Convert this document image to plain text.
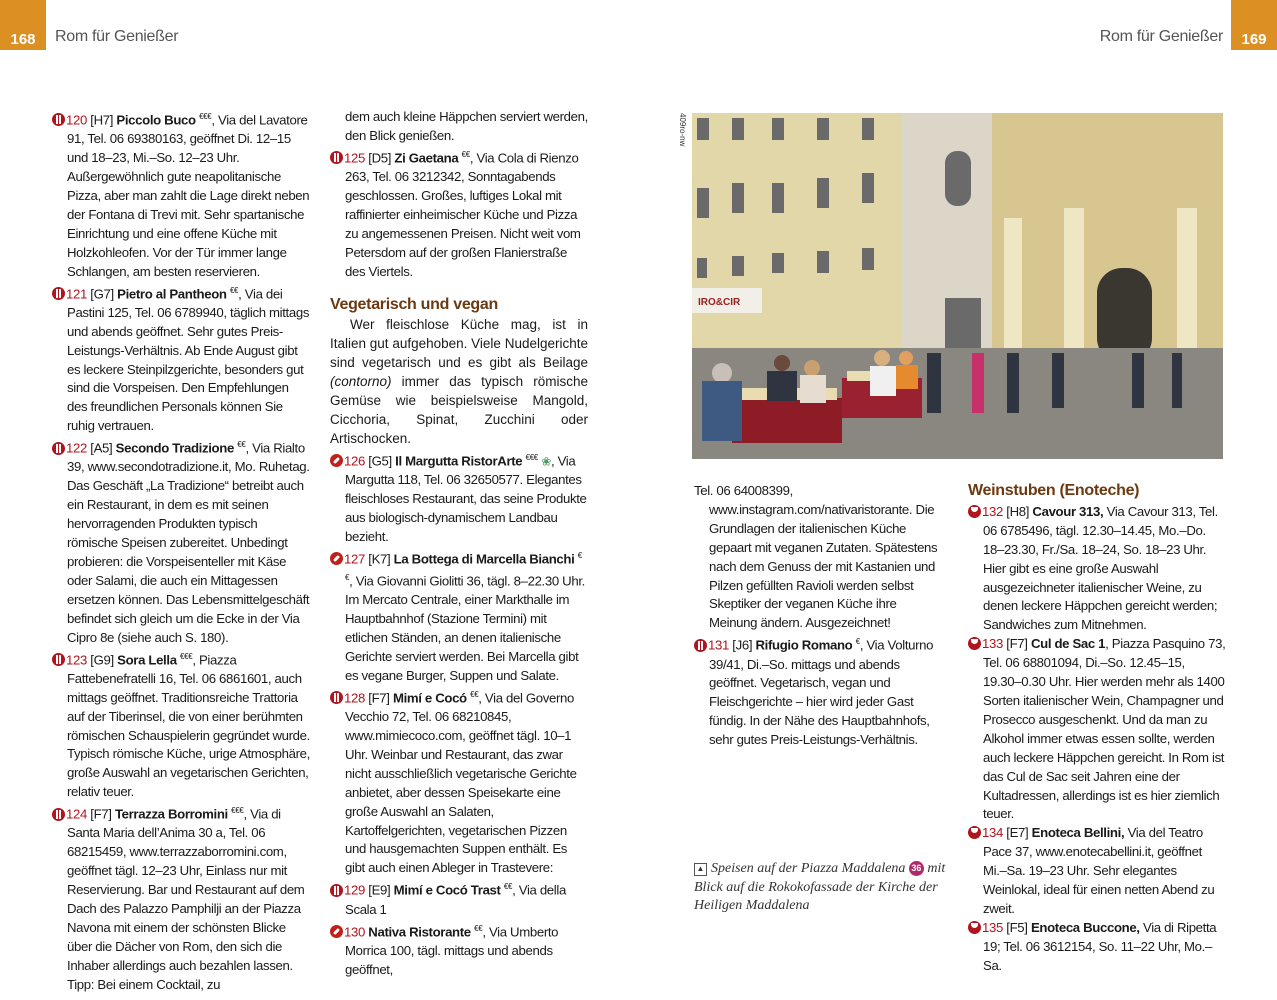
168 Rom für Genießer	Rom für Genießer 169

120 [H7] Piccolo Buco €€€, Via del Lavatore 91, Tel. 06 69380163, geöffnet Di. 12–15 und 18–23, Mi.–So. 12–23 Uhr. Außergewöhnlich gute neapolitanische Pizza, aber man zahlt die Lage direkt neben der Fontana di Trevi mit. Sehr spartanische Einrichtung und eine offene Küche mit Holzkohleofen. Vor der Tür immer lange Schlangen, am besten reservieren.

121 [G7] Pietro al Pantheon €€, Via dei Pastini 125, Tel. 06 6789940, täglich mittags und abends geöffnet. Sehr gutes Preis-Leistungs-Verhältnis. Ab Ende August gibt es leckere Steinpilzgerichte, besonders gut sind die Vorspeisen. Den Empfehlungen des freundlichen Personals können Sie ruhig vertrauen.

122 [A5] Secondo Tradizione €€, Via Rialto 39, www.secondotradizione.it, Mo. Ruhetag. Das Geschäft „La Tradizione“ betreibt auch ein Restaurant, in dem es mit seinen hervorragenden Produkten typisch römische Speisen zubereitet. Unbedingt probieren: die Vorspeisenteller mit Käse oder Salami, die auch ein Mittagessen ersetzen können. Das Lebensmittelgeschäft befindet sich gleich um die Ecke in der Via Cipro 8e (siehe auch S. 180).

123 [G9] Sora Lella €€€, Piazza Fattebenefratelli 16, Tel. 06 6861601, auch mittags geöffnet. Traditionsreiche Trattoria auf der Tiberinsel, die von einer berühmten römischen Schauspielerin gegründet wurde. Typisch römische Küche, urige Atmosphäre, große Auswahl an vegetarischen Gerichten, relativ teuer.

124 [F7] Terrazza Borromini €€€, Via di Santa Maria dell’Anima 30 a, Tel. 06 68215459, www.terrazzaborromini.com, geöffnet tägl. 12–23 Uhr, Einlass nur mit Reservierung. Bar und Restaurant auf dem Dach des Palazzo Pamphilji an der Piazza Navona mit einem der schönsten Blicke über die Dächer von Rom, den sich die Inhaber allerdings auch bezahlen lassen. Tipp: Bei einem Cocktail, zu

dem auch kleine Häppchen serviert werden, den Blick genießen.

125 [D5] Zi Gaetana €€, Via Cola di Rienzo 263, Tel. 06 3212342, Sonntagabends geschlossen. Großes, luftiges Lokal mit raffinierter einheimischer Küche und Pizza zu angemessenen Preisen. Nicht weit vom Petersdom auf der großen Flanierstraße des Viertels.

Vegetarisch und vegan

Wer fleischlose Küche mag, ist in Italien gut aufgehoben. Viele Nudelgerichte sind vegetarisch und es gibt als Beilage (contorno) immer das typisch römische Gemüse wie beispielsweise Mangold, Cicchoria, Spinat, Zucchini oder Artischocken.

126 [G5] Il Margutta RistorArte €€€ ❀, Via Margutta 118, Tel. 06 32650577. Elegantes fleischloses Restaurant, das seine Produkte aus biologisch-dynamischem Landbau bezieht.

127 [K7] La Bottega di Marcella Bianchi €€, Via Giovanni Giolitti 36, tägl. 8–22.30 Uhr. Im Mercato Centrale, einer Markthalle im Hauptbahnhof (Stazione Termini) mit etlichen Ständen, an denen italienische Gerichte serviert werden. Bei Marcella gibt es vegane Burger, Suppen und Salate.

128 [F7] Mimí e Cocó €€, Via del Governo Vecchio 72, Tel. 06 68210845, www.mimiecoco.com, geöffnet tägl. 10–1 Uhr. Weinbar und Restaurant, das zwar nicht ausschließlich vegetarische Gerichte anbietet, aber dessen Speisekarte eine große Auswahl an Salaten, Kartoffelgerichten, vegetarischen Pizzen und hausgemachten Suppen enthält. Es gibt auch einen Ableger in Trastevere:

129 [E9] Mimí e Cocó Trast €€, Via della Scala 1

130 Nativa Ristorante €€, Via Umberto Morrica 100, tägl. mittags und abends geöffnet,

409ro-nw
IRO&CIR

Tel. 06 64008399, www.instagram.com/nativaristorante. Die Grundlagen der italienischen Küche gepaart mit veganen Zutaten. Spätestens nach dem Genuss der mit Kastanien und Pilzen gefüllten Ravioli werden selbst Skeptiker der veganen Küche ihre Meinung ändern. Ausgezeichnet!

131 [J6] Rifugio Romano €, Via Volturno 39/41, Di.–So. mittags und abends geöffnet. Vegetarisch, vegan und Fleischgerichte – hier wird jeder Gast fündig. In der Nähe des Hauptbahnhofs, sehr gutes Preis-Leistungs-Verhältnis.

▲ Speisen auf der Piazza Maddalena 36 mit Blick auf die Rokokofassade der Kirche der Heiligen Maddalena
Weinstuben (Enoteche)

132 [H8] Cavour 313, Via Cavour 313, Tel. 06 6785496, tägl. 12.30–14.45, Mo.–Do. 18–23.30, Fr./Sa. 18–24, So. 18–23 Uhr. Hier gibt es eine große Auswahl ausgezeichneter italienischer Weine, zu denen leckere Häppchen gereicht werden; Sandwiches zum Mitnehmen.

133 [F7] Cul de Sac 1, Piazza Pasquino 73, Tel. 06 68801094, Di.–So. 12.45–15, 19.30–0.30 Uhr. Hier werden mehr als 1400 Sorten italienischer Wein, Champagner und Prosecco ausgeschenkt. Und da man zu Alkohol immer etwas essen sollte, werden auch leckere Häppchen gereicht. In Rom ist das Cul de Sac seit Jahren eine der Kultadressen, allerdings ist es hier ziemlich teuer.

134 [E7] Enoteca Bellini, Via del Teatro Pace 37, www.enotecabellini.it, geöffnet Mi.–Sa. 19–23 Uhr. Sehr elegantes Weinlokal, ideal für einen netten Abend zu zweit.

135 [F5] Enoteca Buccone, Via di Ripetta 19; Tel. 06 3612154, So. 11–22 Uhr, Mo.–Sa.
